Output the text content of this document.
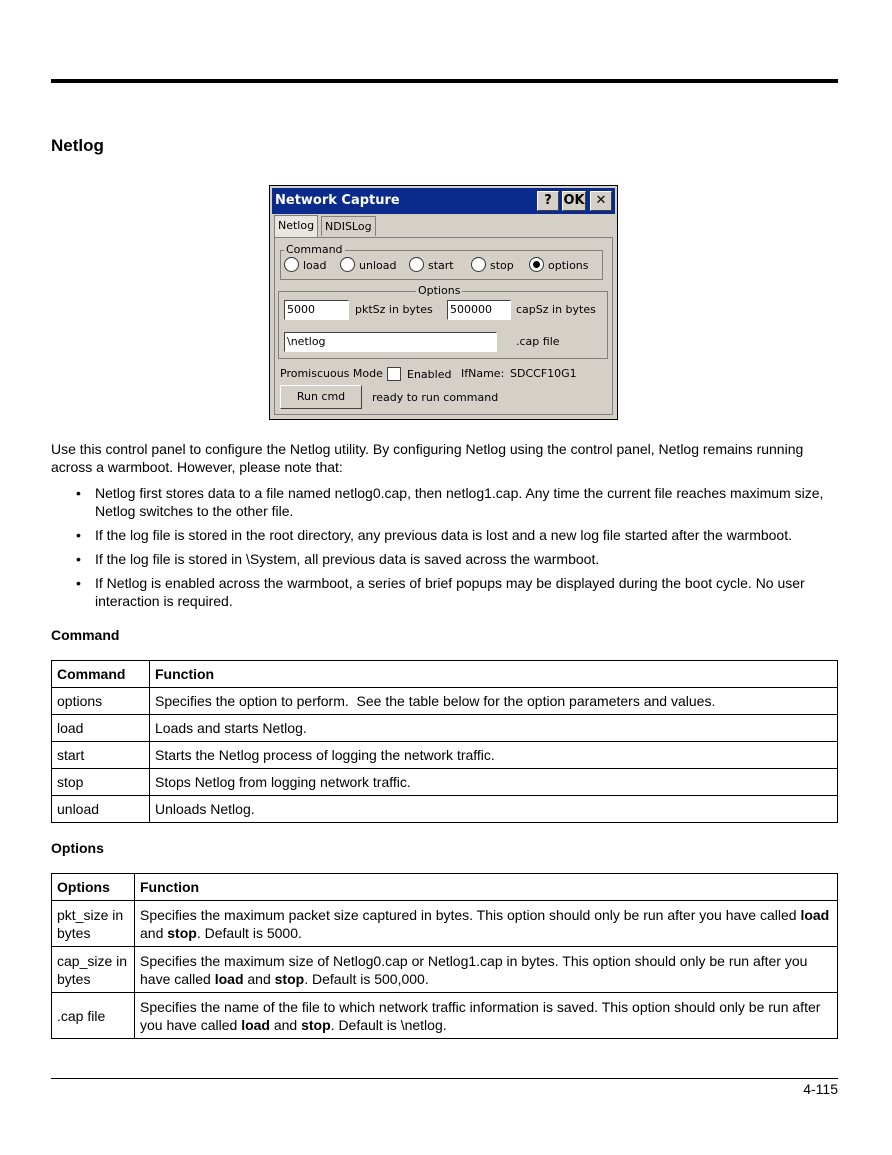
Netlog
Network Capture	? OK ✕
Netlog NDISLog
Command
load	unload	start	stop	options
Options
5000	pktSz in bytes 500000	capSz in bytes
\netlog	.cap file
Promiscuous Mode Enabled IfName: SDCCF10G1
Run cmd	ready to run command

Use this control panel to configure the Netlog utility. By configuring Netlog using the control panel, Netlog remains running across a warmboot. However, please note that:

• Netlog first stores data to a file named netlog0.cap, then netlog1.cap. Any time the current file reaches maximum size, Netlog switches to the other file.
• If the log file is stored in the root directory, any previous data is lost and a new log file started after the warmboot.
• If the log file is stored in \System, all previous data is saved across the warmboot.
• If Netlog is enabled across the warmboot, a series of brief popups may be displayed during the boot cycle. No user interaction is required.
Command
Command	Function
options	Specifies the option to perform.  See the table below for the option parameters and values.
load	Loads and starts Netlog.
start	Starts the Netlog process of logging the network traffic.
stop	Stops Netlog from logging network traffic.
unload	Unloads Netlog.
Options
Options	Function
pkt_size in bytes	Specifies the maximum packet size captured in bytes. This option should only be run after you have called load and stop. Default is 5000.
cap_size in bytes	Specifies the maximum size of Netlog0.cap or Netlog1.cap in bytes. This option should only be run after you have called load and stop. Default is 500,000.
.cap file	Specifies the name of the file to which network traffic information is saved. This option should only be run after you have called load and stop. Default is \netlog.
4-115
